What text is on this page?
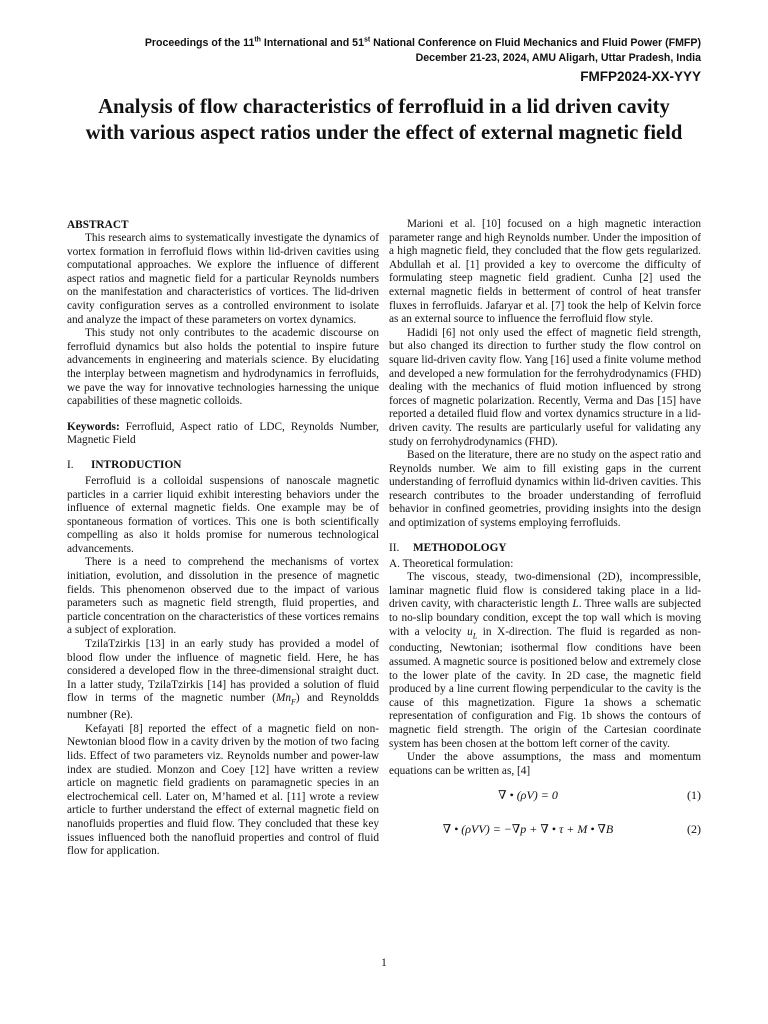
Proceedings of the 11th International and 51st National Conference on Fluid Mechanics and Fluid Power (FMFP)
December 21-23, 2024, AMU Aligarh, Uttar Pradesh, India
FMFP2024-XX-YYY
Analysis of flow characteristics of ferrofluid in a lid driven cavity
with various aspect ratios under the effect of external magnetic field
ABSTRACT

This research aims to systematically investigate the dynamics of vortex formation in ferrofluid flows within lid-driven cavities using computational approaches. We explore the influence of different aspect ratios and magnetic field for a particular Reynolds numbers on the manifestation and characteristics of vortices. The lid-driven cavity configuration serves as a controlled environment to isolate and analyze the impact of these parameters on vortex dynamics.

This study not only contributes to the academic discourse on ferrofluid dynamics but also holds the potential to inspire future advancements in engineering and materials science. By elucidating the interplay between magnetism and hydrodynamics in ferrofluids, we pave the way for innovative technologies harnessing the unique capabilities of these magnetic colloids.

Keywords: Ferrofluid, Aspect ratio of LDC, Reynolds Number, Magnetic Field

I. INTRODUCTION

Ferrofluid is a colloidal suspensions of nanoscale magnetic particles in a carrier liquid exhibit interesting behaviors under the influence of external magnetic fields. One example may be of spontaneous formation of vortices. This one is both scientifically compelling as also it holds promise for numerous technological advancements.

There is a need to comprehend the mechanisms of vortex initiation, evolution, and dissolution in the presence of magnetic fields. This phenomenon observed due to the impact of various parameters such as magnetic field strength, fluid properties, and particle concentration on the characteristics of these vortices remains a subject of exploration.

TzilaTzirkis [13] in an early study has provided a model of blood flow under the influence of magnetic field. Here, he has considered a developed flow in the three-dimensional straight duct. In a latter study, TzilaTzirkis [14] has provided a solution of fluid flow in terms of the magnetic number $(Mn_F)$ and Reynoldds numbner (Re).

Kefayati [8] reported the effect of a magnetic field on non-Newtonian blood flow in a cavity driven by the motion of two facing lids. Effect of two parameters viz. Reynolds number and power-law index are studied. Monzon and Coey [12] have written a review article on magnetic field gradients on paramagnetic species in an electrochemical cell. Later on, M’hamed et al. [11] wrote a review article to further understand the effect of external magnetic field on nanofluids properties and fluid flow. They concluded that these key issues influenced both the nanofluid properties and control of fluid flow for application.

Marioni et al. [10] focused on a high magnetic interaction parameter range and high Reynolds number. Under the imposition of a high magnetic field, they concluded that the flow gets regularized. Abdullah et al. [1] provided a key to overcome the difficulty of formulating steep magnetic field gradient. Cunha [2] used the external magnetic fields in betterment of control of heat transfer fluxes in ferrofluids. Jafaryar et al. [7] took the help of Kelvin force as an external source to influence the ferrofluid flow style.

Hadidi [6] not only used the effect of magnetic field strength, but also changed its direction to further study the flow control on square lid-driven cavity flow. Yang [16] used a finite volume method and developed a new formulation for the ferrohydrodynamics (FHD) dealing with the mechanics of fluid motion influenced by strong forces of magnetic polarization. Recently, Verma and Das [15] have reported a detailed fluid flow and vortex dynamics structure in a lid-driven cavity. The results are particularly useful for validating any study on ferrohydrodynamics (FHD).

Based on the literature, there are no study on the aspect ratio and Reynolds number. We aim to fill existing gaps in the current understanding of ferrofluid dynamics within lid-driven cavities. This research contributes to the broader understanding of ferrofluid behavior in confined geometries, providing insights into the design and optimization of systems employing ferrofluids.

II. METHODOLOGY
A. Theoretical formulation:

The viscous, steady, two-dimensional (2D), incompressible, laminar magnetic fluid flow is considered taking place in a lid-driven cavity, with characteristic length L. Three walls are subjected to no-slip boundary condition, except the top wall which is moving with a velocity $u_L$ in X-direction. The fluid is regarded as non-conducting, Newtonian; isothermal flow conditions have been assumed. A magnetic source is positioned below and extremely close to the lower plate of the cavity. In 2D case, the magnetic field produced by a line current flowing perpendicular to the cavity is the cause of this magnetization. Figure 1a shows a schematic representation of configuration and Fig. 1b shows the contours of magnetic field strength. The origin of the Cartesian coordinate system has been chosen at the bottom left corner of the cavity.

Under the above assumptions, the mass and momentum equations can be written as, [4]

∇ • (ρV) = 0	(1)
∇ • (ρVV) = −∇p + ∇ • τ + M • ∇B	(2)
1
